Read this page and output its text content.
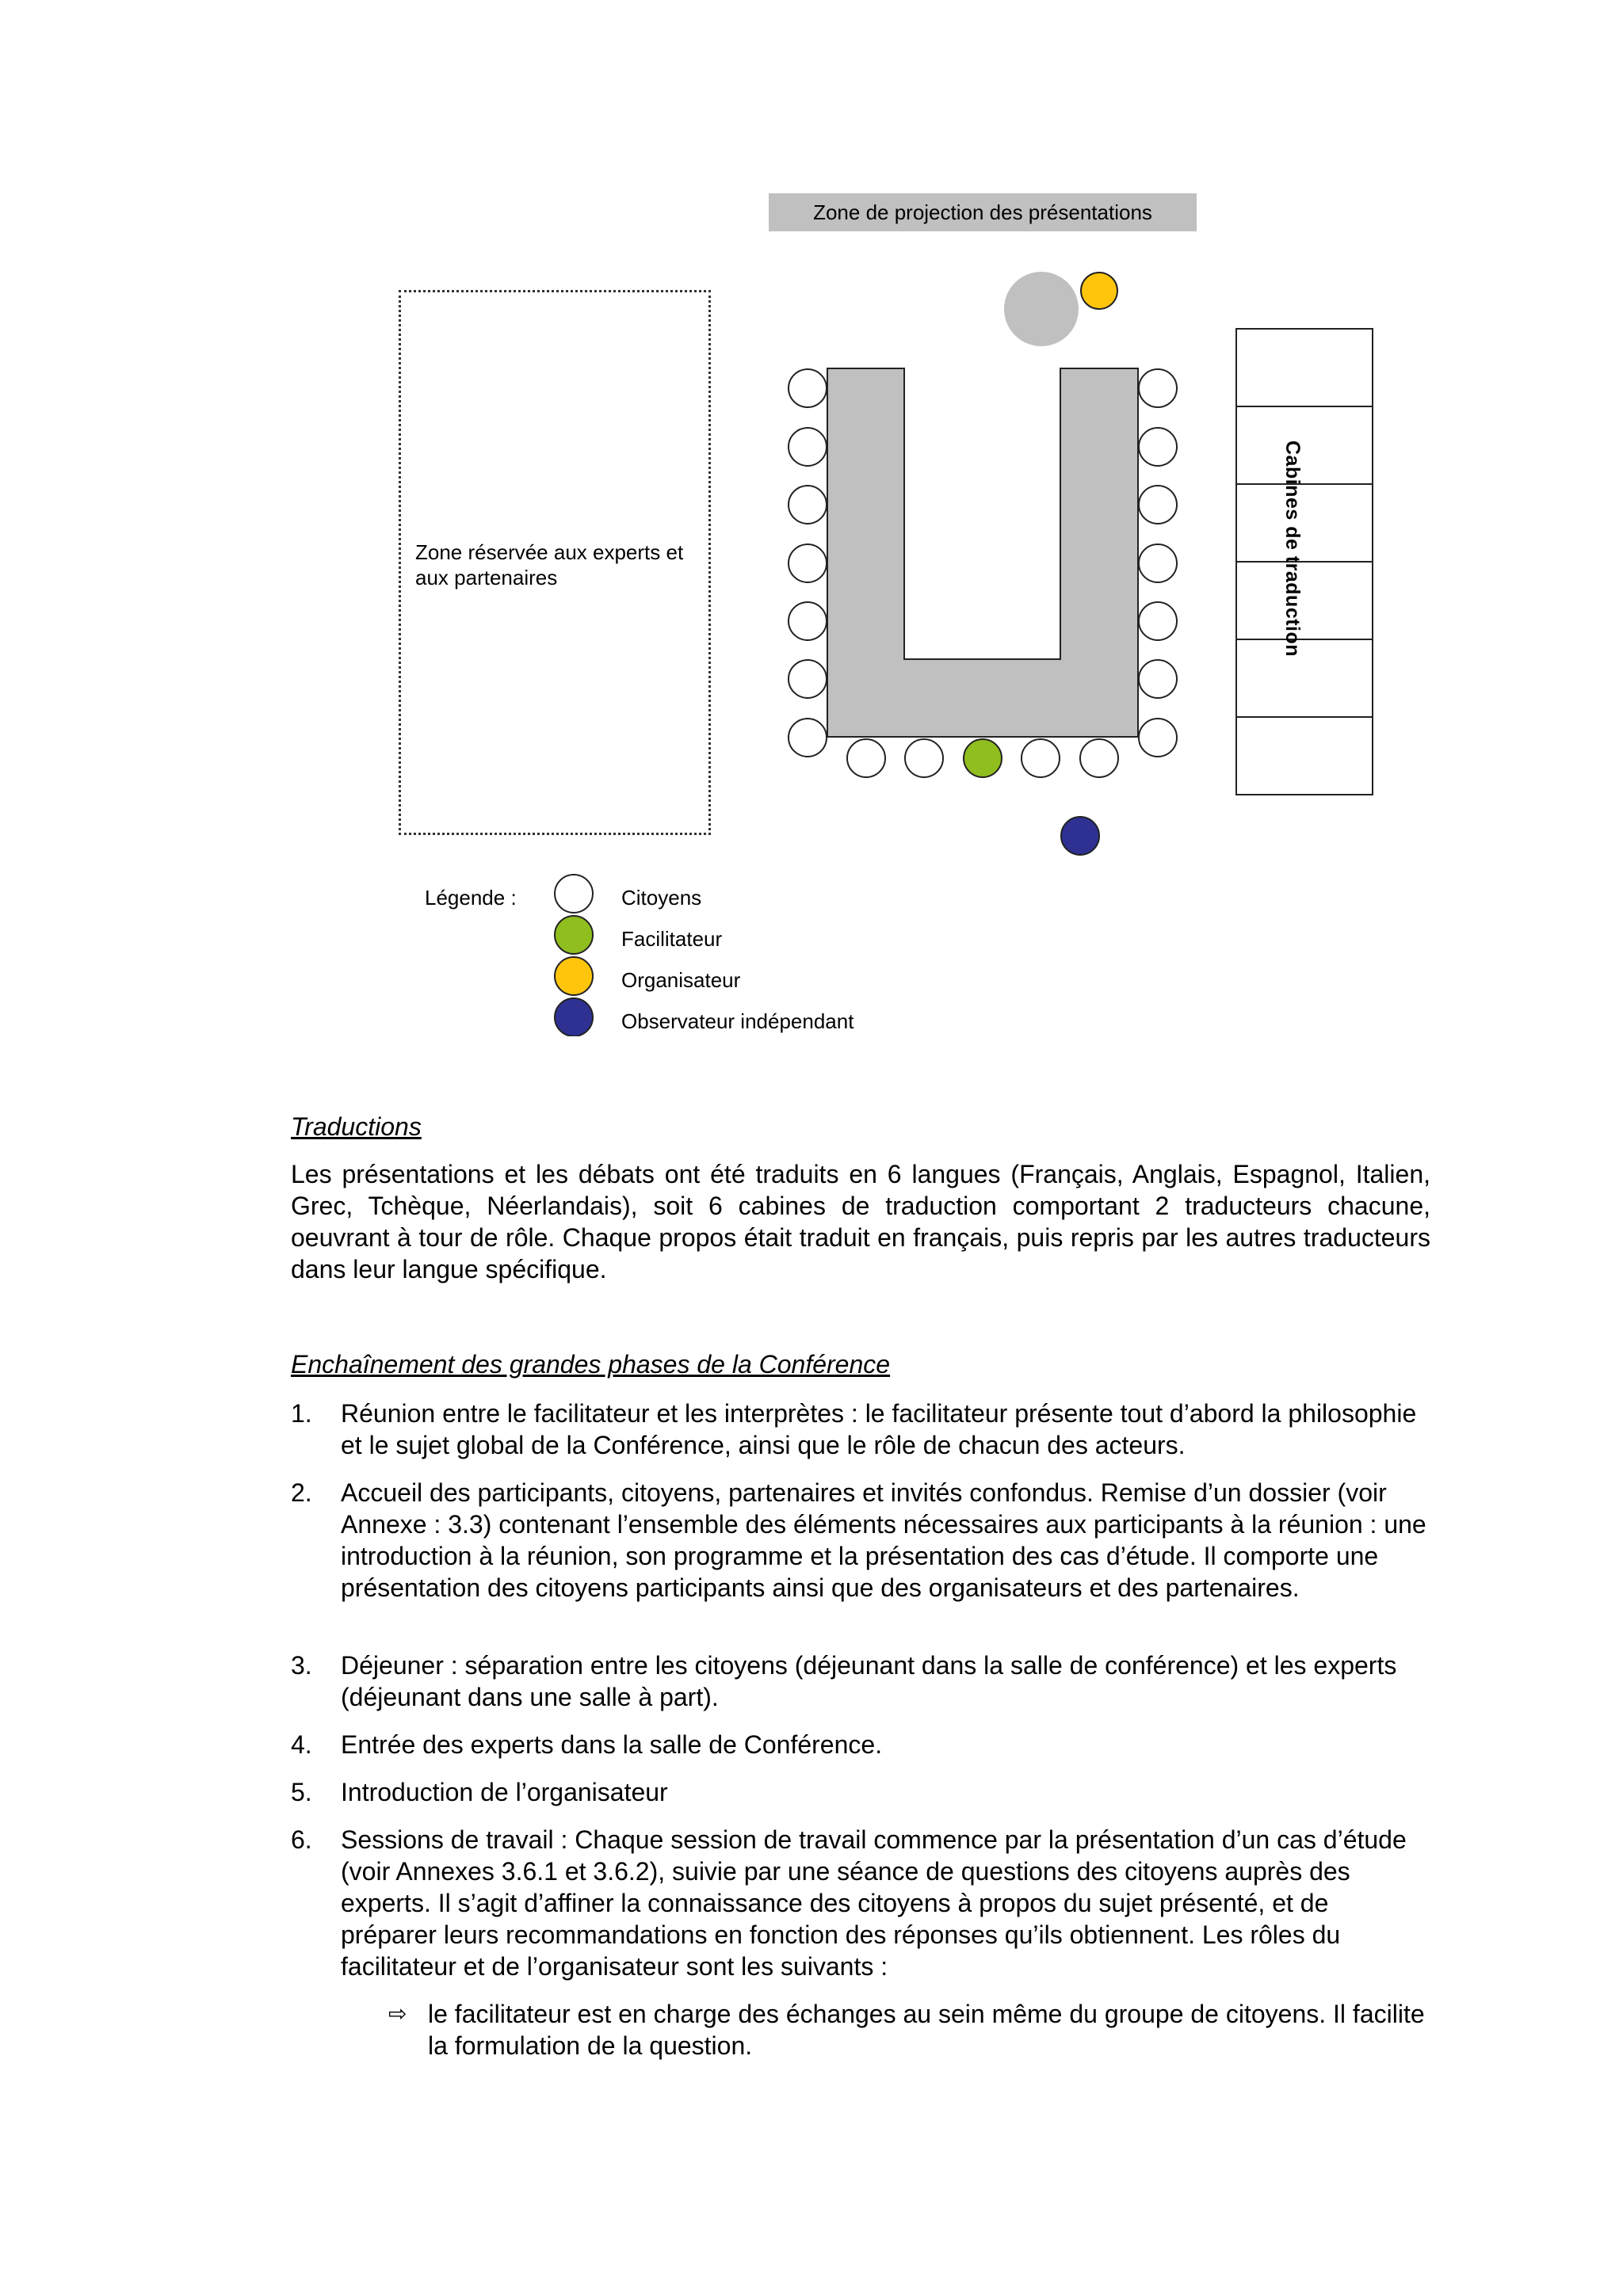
Zone de projection des présentations
Zone réservée aux experts et aux partenaires	Cabines de traduction
Légende :	Citoyens
Facilitateur
Organisateur
Observateur indépendant
Traductions
Les présentations et les débats ont été traduits en 6 langues (Français, Anglais, Espagnol, Italien, Grec, Tchèque, Néerlandais), soit 6 cabines de traduction comportant 2 traducteurs chacune, oeuvrant à tour de rôle. Chaque propos était traduit en français, puis repris par les autres traducteurs dans leur langue spécifique.
Enchaînement des grandes phases de la Conférence
1. Réunion entre le facilitateur et les interprètes : le facilitateur présente tout d’abord la philosophie et le sujet global de la Conférence, ainsi que le rôle de chacun des acteurs.
2. Accueil des participants, citoyens, partenaires et invités confondus. Remise d’un dossier (voir Annexe : 3.3) contenant l’ensemble des éléments nécessaires aux participants à la réunion : une introduction à la réunion, son programme et la présentation des cas d’étude. Il comporte une présentation des citoyens participants ainsi que des organisateurs et des partenaires.
3. Déjeuner : séparation entre les citoyens (déjeunant dans la salle de conférence) et les experts (déjeunant dans une salle à part).
4. Entrée des experts dans la salle de Conférence.
5. Introduction de l’organisateur
6. Sessions de travail : Chaque session de travail commence par la présentation d’un cas d’étude (voir Annexes 3.6.1 et 3.6.2), suivie par une séance de questions des citoyens auprès des experts. Il s’agit d’affiner la connaissance des citoyens à propos du sujet présenté, et de préparer leurs recommandations en fonction des réponses qu’ils obtiennent. Les rôles du facilitateur et de l’organisateur sont les suivants :
⇨ le facilitateur est en charge des échanges au sein même du groupe de citoyens. Il facilite la formulation de la question.
